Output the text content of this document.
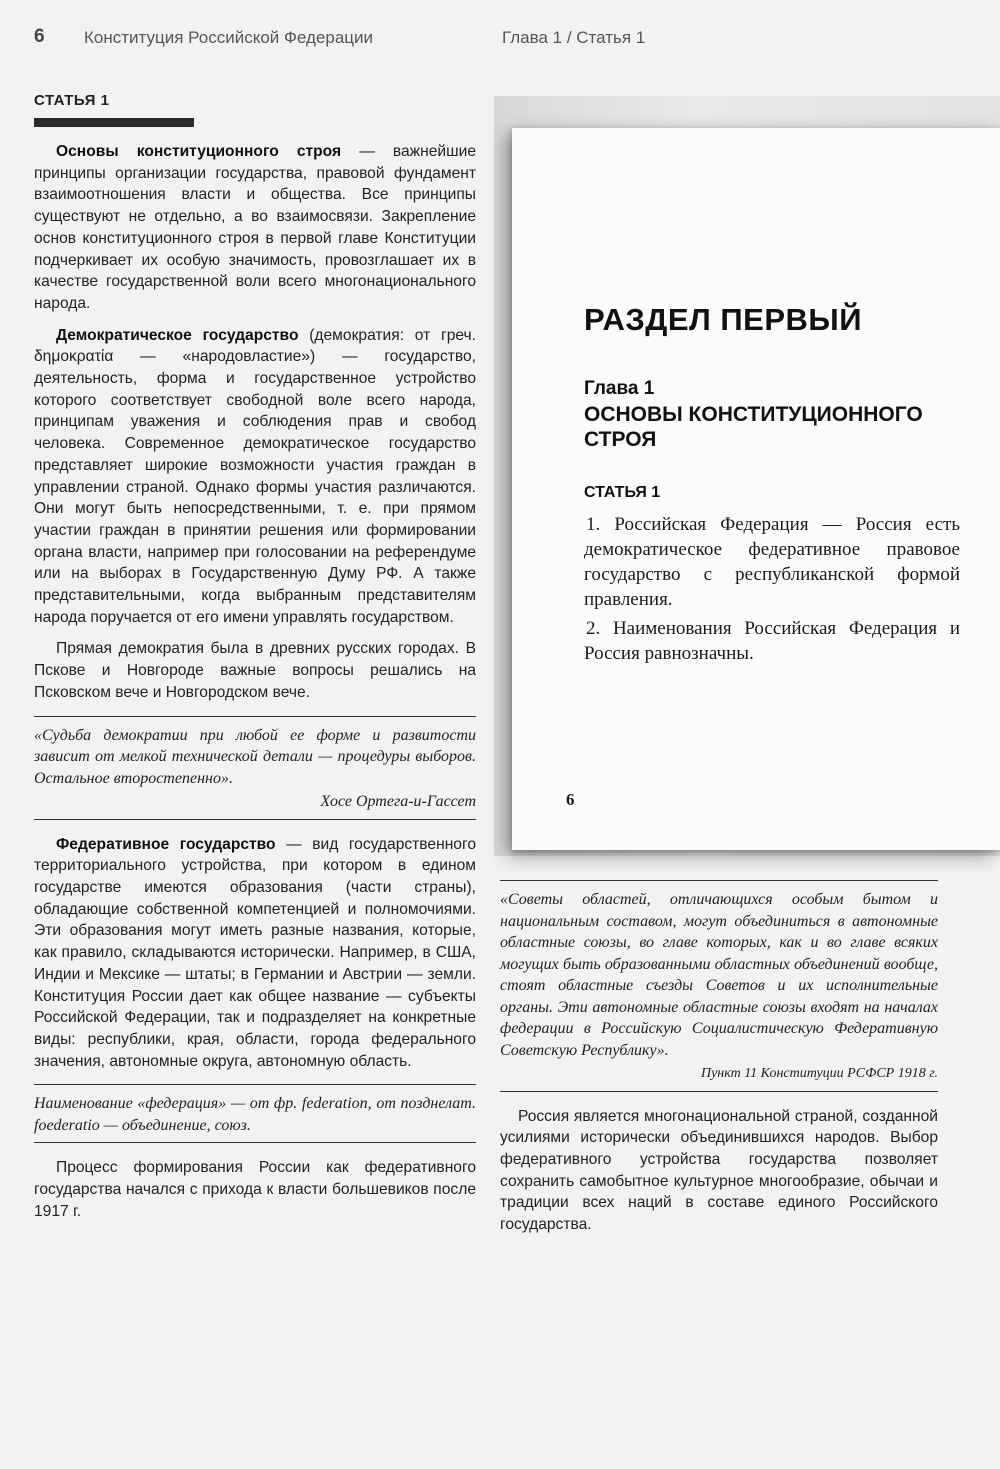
6 Конституция Российской Федерации	Глава 1 / Статья 1
СТАТЬЯ 1

Основы конституционного строя — важнейшие принципы организации государства, правовой фундамент взаимоотношения власти и общества. Все принципы существуют не отдельно, а во взаимосвязи. Закрепление основ конституционного строя в первой главе Конституции подчеркивает их особую значимость, провозглашает их в качестве государственной воли всего многонационального народа.

Демократическое государство (демократия: от греч. δημοκρατία — «народовластие») — государство, деятельность, форма и государственное устройство которого соответствует свободной воле всего народа, принципам уважения и соблюдения прав и свобод человека. Современное демократическое государство представляет широкие возможности участия граждан в управлении страной. Однако формы участия различаются. Они могут быть непосредственными, т. е. при прямом участии граждан в принятии решения или формировании органа власти, например при голосовании на референдуме или на выборах в Государственную Думу РФ. А также представительными, когда выбранным представителям народа поручается от его имени управлять государством.

Прямая демократия была в древних русских городах. В Пскове и Новгороде важные вопросы решались на Псковском вече и Новгородском вече.

«Судьба демократии при любой ее форме и развитости зависит от мелкой технической детали — процедуры выборов. Остальное второстепенно».
Хосе Ортега-и-Гассет

Федеративное государство — вид государственного территориального устройства, при котором в едином государстве имеются образования (части страны), обладающие собственной компетенцией и полномочиями. Эти образования могут иметь разные названия, которые, как правило, складываются исторически. Например, в США, Индии и Мексике — штаты; в Германии и Австрии — земли. Конституция России дает как общее название — субъекты Российской Федерации, так и подразделяет на конкретные виды: республики, края, области, города федерального значения, автономные округа, автономную область.

Наименование «федерация» — от фр. federation, от позднелат. foederatio — объединение, союз.

Процесс формирования России как федеративного государства начался с прихода к власти большевиков после 1917 г.

РАЗДЕЛ ПЕРВЫЙ
Глава 1
ОСНОВЫ КОНСТИТУЦИОННОГО СТРОЯ
СТАТЬЯ 1

1. Российская Федерация — Россия есть демократическое федеративное правовое государство с республиканской формой правления.

2. Наименования Российская Федерация и Россия равнозначны.

6
«Советы областей, отличающихся особым бытом и национальным составом, могут объединиться в автономные областные союзы, во главе которых, как и во главе всяких могущих быть образованными областных объединений вообще, стоят областные съезды Советов и их исполнительные органы. Эти автономные областные союзы входят на началах федерации в Российскую Социалистическую Федеративную Советскую Республику».
Пункт 11 Конституции РСФСР 1918 г.

Россия является многонациональной страной, созданной усилиями исторически объединившихся народов. Выбор федеративного устройства государства позволяет сохранить самобытное культурное многообразие, обычаи и традиции всех наций в составе единого Российского государства.
